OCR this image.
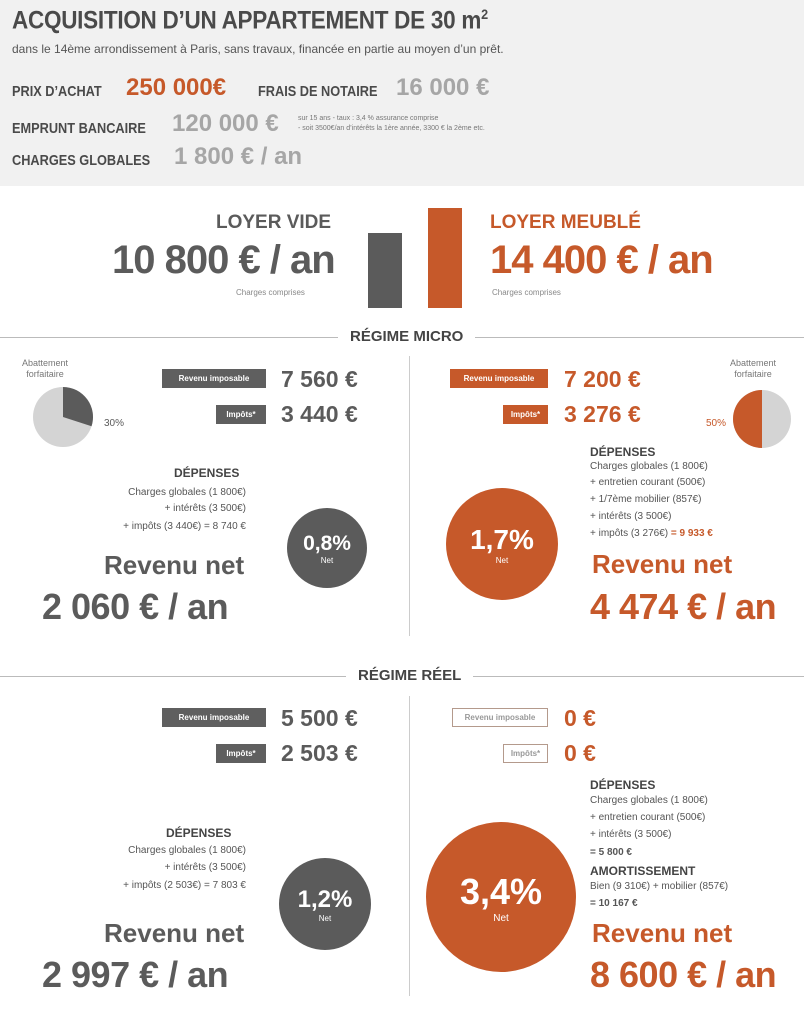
ACQUISITION D’UN APPARTEMENT DE 30 $m^2$
dans le 14ème arrondissement à Paris, sans travaux, financée en partie au moyen d’un prêt.
PRIX D’ACHAT 250 000€ FRAIS DE NOTAIRE 16 000 €
EMPRUNT BANCAIRE 120 000 €	sur 15 ans - taux : 3,4 % assurance comprise
- soit 3500€/an d’intérêts la 1ère année, 3300 € la 2ème etc.
CHARGES GLOBALES 1 800 € / an
LOYER VIDE
10 800 € / an
Charges comprises
LOYER MEUBLÉ
14 400 € / an
Charges comprises
RÉGIME MICRO
Abattement
forfaitaire
30%
Revenu imposable	7 560 €
Impôts*	3 440 €
DÉPENSES
Charges globales (1 800€)
+ intérêts (3 500€)
+ impôts (3 440€) = 8 740 €
Revenu net
2 060 € / an
0,8%
Net
Revenu imposable	7 200 €
Impôts*	3 276 €
Abattement
forfaitaire
50%
DÉPENSES
Charges globales (1 800€)
+ entretien courant (500€)
+ 1/7ème mobilier (857€)
+ intérêts (3 500€)
+ impôts (3 276€) = 9 933 €
Revenu net
4 474 € / an
1,7%
Net
RÉGIME RÉEL
Revenu imposable	5 500 €
Impôts*	2 503 €
DÉPENSES
Charges globales (1 800€)
+ intérêts (3 500€)
+ impôts (2 503€) = 7 803 €
Revenu net
2 997 € / an
1,2%
Net
Revenu imposable	0 €
Impôts*	0 €
DÉPENSES
Charges globales (1 800€)
+ entretien courant (500€)
+ intérêts (3 500€)
= 5 800 €
AMORTISSEMENT
Bien (9 310€) + mobilier (857€)
= 10 167 €
Revenu net
8 600 € / an
3,4%
Net
